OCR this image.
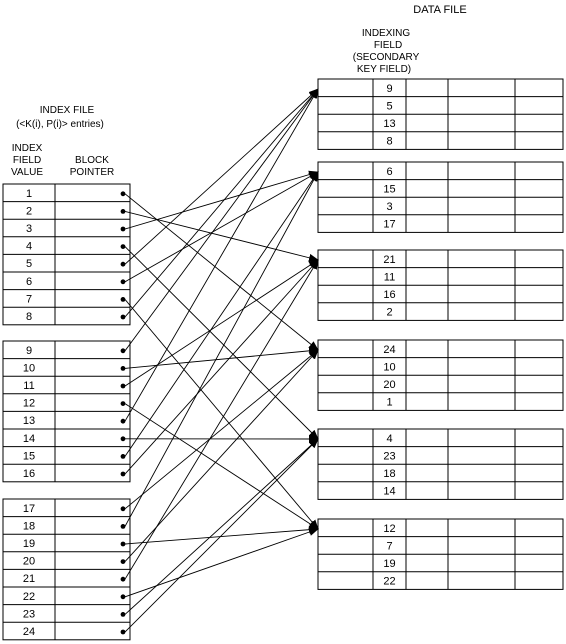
DATA FILE
INDEXING
FIELD
(SECONDARY
KEY FIELD)
INDEX FILE
(<K(i), P(i)> entries)
INDEX
FIELD
VALUE
BLOCK
POINTER
1
2
3
4
5
6
7
8
9
10
11
12
13
14
15
16
17
18
19
20
21
22
23
24
9
5
13
8
6
15
3
17
21
11
16
2
24
10
20
1
4
23
18
14
12
7
19
22
